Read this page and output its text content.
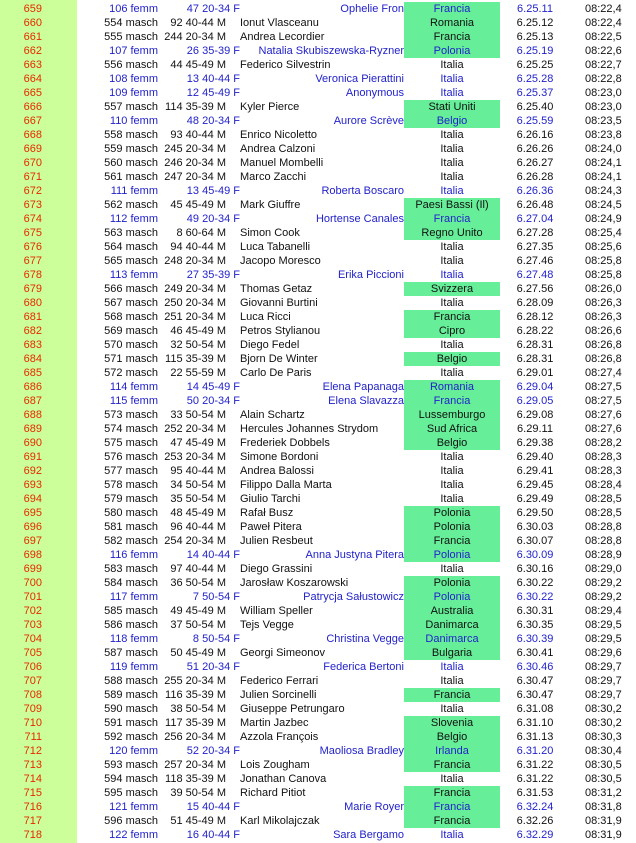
659	106 femm	47 20-34 F	Ophelie Fron	Francia	6.25.11	08:22,4
660	554 masch	92 40-44 M Ionut Vlasceanu	Romania	6.25.12	08:22,4
661	555 masch 244 20-34 M Andrea Lecordier	Francia	6.25.13	08:22,5
662	107 femm	26 35-39 F	Natalia Skubiszewska-Ryzner	Polonia	6.25.19	08:22,6
663	556 masch	44 45-49 M Federico Silvestrin	Italia	6.25.25	08:22,7
664	108 femm	13 40-44 F	Veronica Pierattini	Italia	6.25.28	08:22,8
665	109 femm	12 45-49 F	Anonymous	Italia	6.25.37	08:23,0
666	557 masch 114 35-39 M Kyler Pierce	Stati Uniti	6.25.40	08:23,0
667	110 femm	48 20-34 F	Aurore Scrève	Belgio	6.25.59	08:23,5
668	558 masch	93 40-44 M Enrico Nicoletto	Italia	6.26.16	08:23,8
669	559 masch 245 20-34 M Andrea Calzoni	Italia	6.26.26	08:24,0
670	560 masch 246 20-34 M Manuel Mombelli	Italia	6.26.27	08:24,1
671	561 masch 247 20-34 M Marco Zacchi	Italia	6.26.28	08:24,1
672	111 femm	13 45-49 F	Roberta Boscaro	Italia	6.26.36	08:24,3
673	562 masch	45 45-49 M Mark Giuffre	Paesi Bassi (Il)	6.26.48	08:24,5
674	112 femm	49 20-34 F	Hortense Canales	Francia	6.27.04	08:24,9
675	563 masch	8 60-64 M Simon Cook	Regno Unito	6.27.28	08:25,4
676	564 masch	94 40-44 M Luca Tabanelli	Italia	6.27.35	08:25,6
677	565 masch 248 20-34 M Jacopo Moresco	Italia	6.27.46	08:25,8
678	113 femm	27 35-39 F	Erika Piccioni	Italia	6.27.48	08:25,8
679	566 masch 249 20-34 M Thomas Getaz	Svizzera	6.27.56	08:26,0
680	567 masch 250 20-34 M Giovanni Burtini	Italia	6.28.09	08:26,3
681	568 masch 251 20-34 M Luca Ricci	Francia	6.28.12	08:26,3
682	569 masch	46 45-49 M Petros Stylianou	Cipro	6.28.22	08:26,6
683	570 masch	32 50-54 M Diego Fedel	Italia	6.28.31	08:26,8
684	571 masch 115 35-39 M Bjorn De Winter	Belgio	6.28.31	08:26,8
685	572 masch	22 55-59 M Carlo De Paris	Italia	6.29.01	08:27,4
686	114 femm	14 45-49 F	Elena Papanaga	Romania	6.29.04	08:27,5
687	115 femm	50 20-34 F	Elena Slavazza	Francia	6.29.05	08:27,5
688	573 masch	33 50-54 M Alain Schartz	Lussemburgo	6.29.08	08:27,6
689	574 masch 252 20-34 M Hercules Johannes Strydom	Sud Africa	6.29.11	08:27,6
690	575 masch	47 45-49 M Frederiek Dobbels	Belgio	6.29.38	08:28,2
691	576 masch 253 20-34 M Simone Bordoni	Italia	6.29.40	08:28,3
692	577 masch	95 40-44 M Andrea Balossi	Italia	6.29.41	08:28,3
693	578 masch	34 50-54 M Filippo Dalla Marta	Italia	6.29.45	08:28,4
694	579 masch	35 50-54 M Giulio Tarchi	Italia	6.29.49	08:28,5
695	580 masch	48 45-49 M Rafał Busz	Polonia	6.29.50	08:28,5
696	581 masch	96 40-44 M Paweł Pitera	Polonia	6.30.03	08:28,8
697	582 masch 254 20-34 M Julien Resbeut	Francia	6.30.07	08:28,8
698	116 femm	14 40-44 F	Anna Justyna Pitera	Polonia	6.30.09	08:28,9
699	583 masch	97 40-44 M Diego Grassini	Italia	6.30.16	08:29,0
700	584 masch	36 50-54 M Jarosław Koszarowski	Polonia	6.30.22	08:29,2
701	117 femm	7 50-54 F	Patrycja Sałustowicz	Polonia	6.30.22	08:29,2
702	585 masch	49 45-49 M William Speller	Australia	6.30.31	08:29,4
703	586 masch	37 50-54 M Tejs Vegge	Danimarca	6.30.35	08:29,5
704	118 femm	8 50-54 F	Christina Vegge	Danimarca	6.30.39	08:29,5
705	587 masch	50 45-49 M Georgi Simeonov	Bulgaria	6.30.41	08:29,6
706	119 femm	51 20-34 F	Federica Bertoni	Italia	6.30.46	08:29,7
707	588 masch 255 20-34 M Federico Ferrari	Italia	6.30.47	08:29,7
708	589 masch 116 35-39 M Julien Sorcinelli	Francia	6.30.47	08:29,7
709	590 masch	38 50-54 M Giuseppe Petrungaro	Italia	6.31.08	08:30,2
710	591 masch 117 35-39 M Martin Jazbec	Slovenia	6.31.10	08:30,2
711	592 masch 256 20-34 M Azzola François	Belgio	6.31.13	08:30,3
712	120 femm	52 20-34 F	Maoliosa Bradley	Irlanda	6.31.20	08:30,4
713	593 masch 257 20-34 M Lois Zougham	Francia	6.31.22	08:30,5
714	594 masch 118 35-39 M Jonathan Canova	Italia	6.31.22	08:30,5
715	595 masch	39 50-54 M Richard Pitiot	Francia	6.31.53	08:31,2
716	121 femm	15 40-44 F	Marie Royer	Francia	6.32.24	08:31,8
717	596 masch	51 45-49 M Karl Mikolajczak	Francia	6.32.26	08:31,9
718	122 femm	16 40-44 F	Sara Bergamo	Italia	6.32.29	08:31,9
